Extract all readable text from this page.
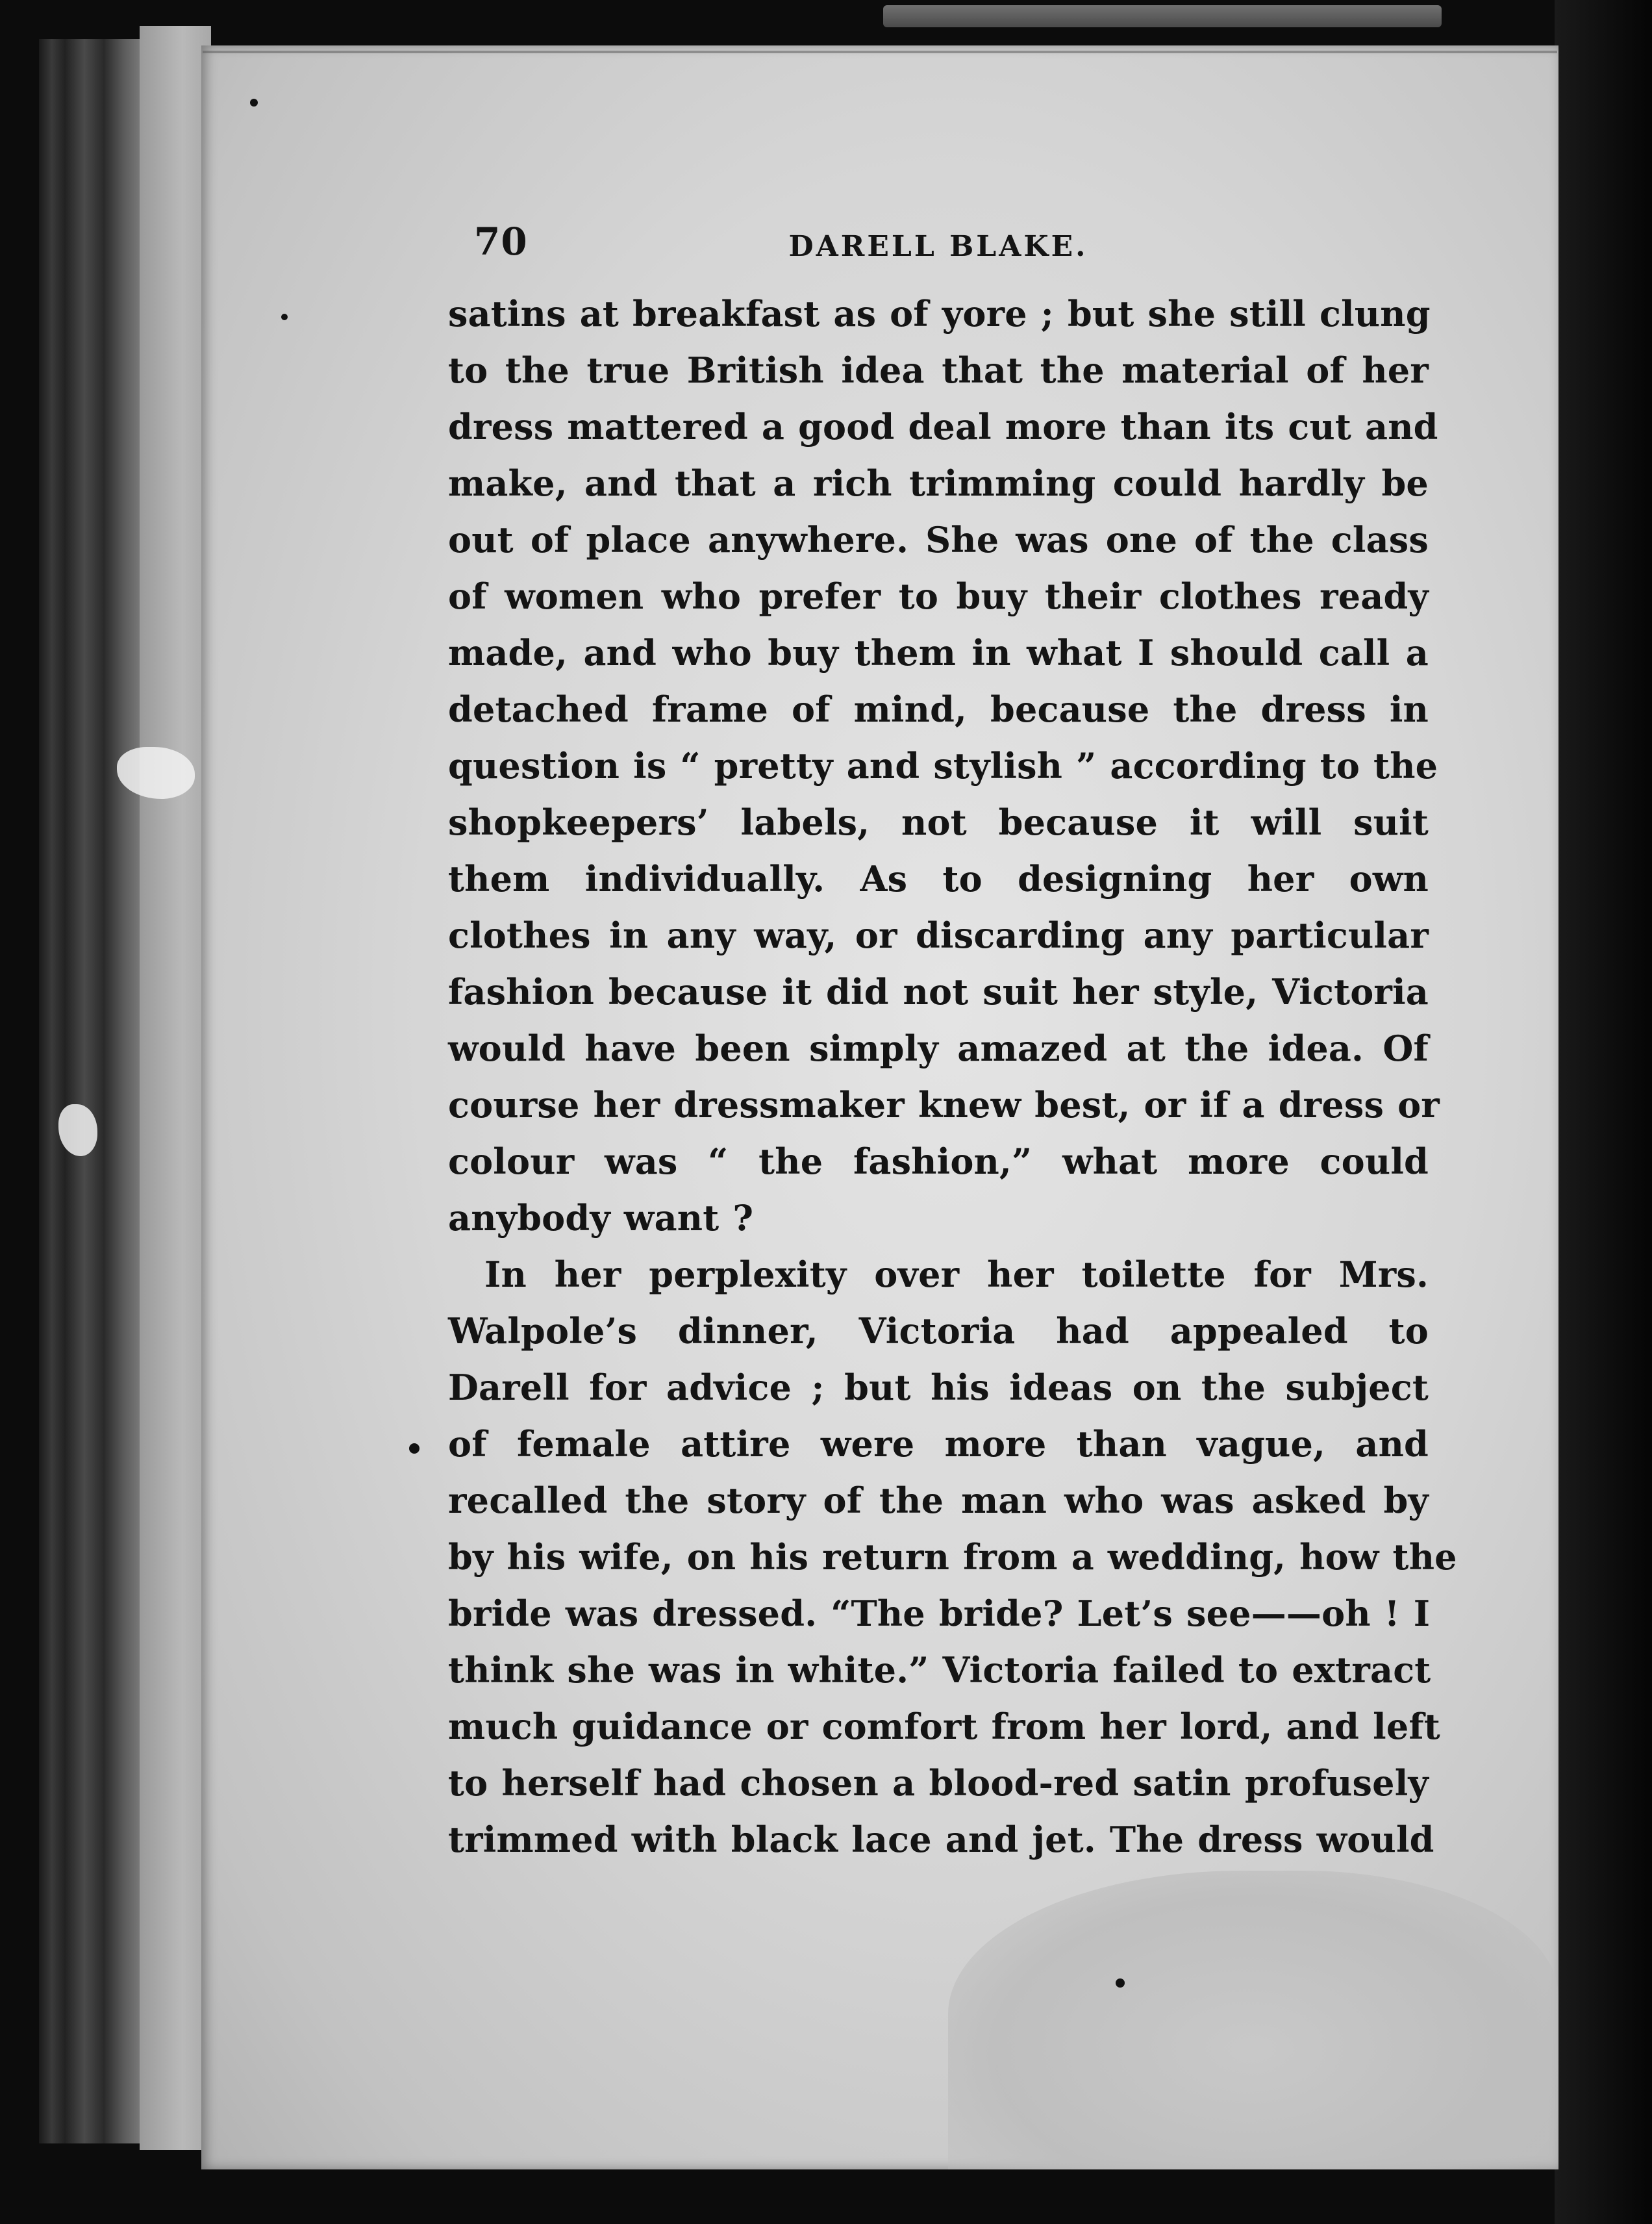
70	DARELL BLAKE.
satins at breakfast as of yore ; but she still clung
to the true British idea that the material of her
dress mattered a good deal more than its cut and
make, and that a rich trimming could hardly be
out of place anywhere. She was one of the class
of women who prefer to buy their clothes ready
made, and who buy them in what I should call a
detached frame of mind, because the dress in
question is “ pretty and stylish ” according to the
shopkeepers’ labels, not because it will suit
them individually. As to designing her own
clothes in any way, or discarding any particular
fashion because it did not suit her style, Victoria
would have been simply amazed at the idea. Of
course her dressmaker knew best, or if a dress or
colour was “ the fashion,” what more could
anybody want ?
In her perplexity over her toilette for Mrs.
Walpole’s dinner, Victoria had appealed to
Darell for advice ; but his ideas on the subject
of female attire were more than vague, and
recalled the story of the man who was asked by
by his wife, on his return from a wedding, how the
bride was dressed. “The bride? Let’s see——oh ! I
think she was in white.” Victoria failed to extract
much guidance or comfort from her lord, and left
to herself had chosen a blood-red satin profusely
trimmed with black lace and jet. The dress would
